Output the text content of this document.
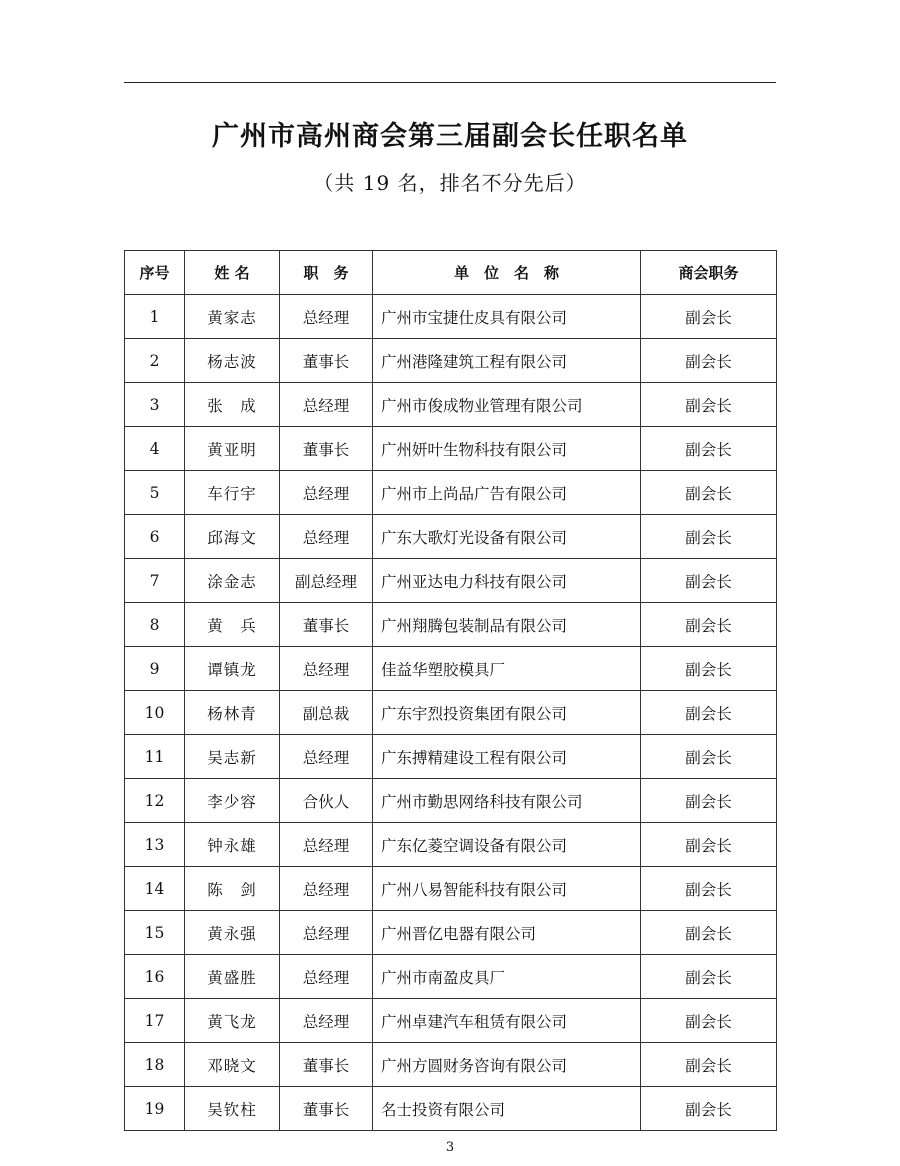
广州市高州商会第三届副会长任职名单
（共 19 名，排名不分先后）
序号	姓 名	职　务	单　位　名　称	商会职务
1	黄家志	总经理	广州市宝捷仕皮具有限公司	副会长
2	杨志波	董事长	广州港隆建筑工程有限公司	副会长
3	张　成	总经理	广州市俊成物业管理有限公司	副会长
4	黄亚明	董事长	广州妍叶生物科技有限公司	副会长
5	车行宇	总经理	广州市上尚品广告有限公司	副会长
6	邱海文	总经理	广东大歌灯光设备有限公司	副会长
7	涂金志	副总经理	广州亚达电力科技有限公司	副会长
8	黄　兵	董事长	广州翔腾包装制品有限公司	副会长
9	谭镇龙	总经理	佳益华塑胶模具厂	副会长
10	杨林青	副总裁	广东宇烈投资集团有限公司	副会长
11	吴志新	总经理	广东搏精建设工程有限公司	副会长
12	李少容	合伙人	广州市勤思网络科技有限公司	副会长
13	钟永雄	总经理	广东亿菱空调设备有限公司	副会长
14	陈　剑	总经理	广州八易智能科技有限公司	副会长
15	黄永强	总经理	广州晋亿电器有限公司	副会长
16	黄盛胜	总经理	广州市南盈皮具厂	副会长
17	黄飞龙	总经理	广州卓建汽车租赁有限公司	副会长
18	邓晓文	董事长	广州方圆财务咨询有限公司	副会长
19	吴钦柱	董事长	名士投资有限公司	副会长
3
